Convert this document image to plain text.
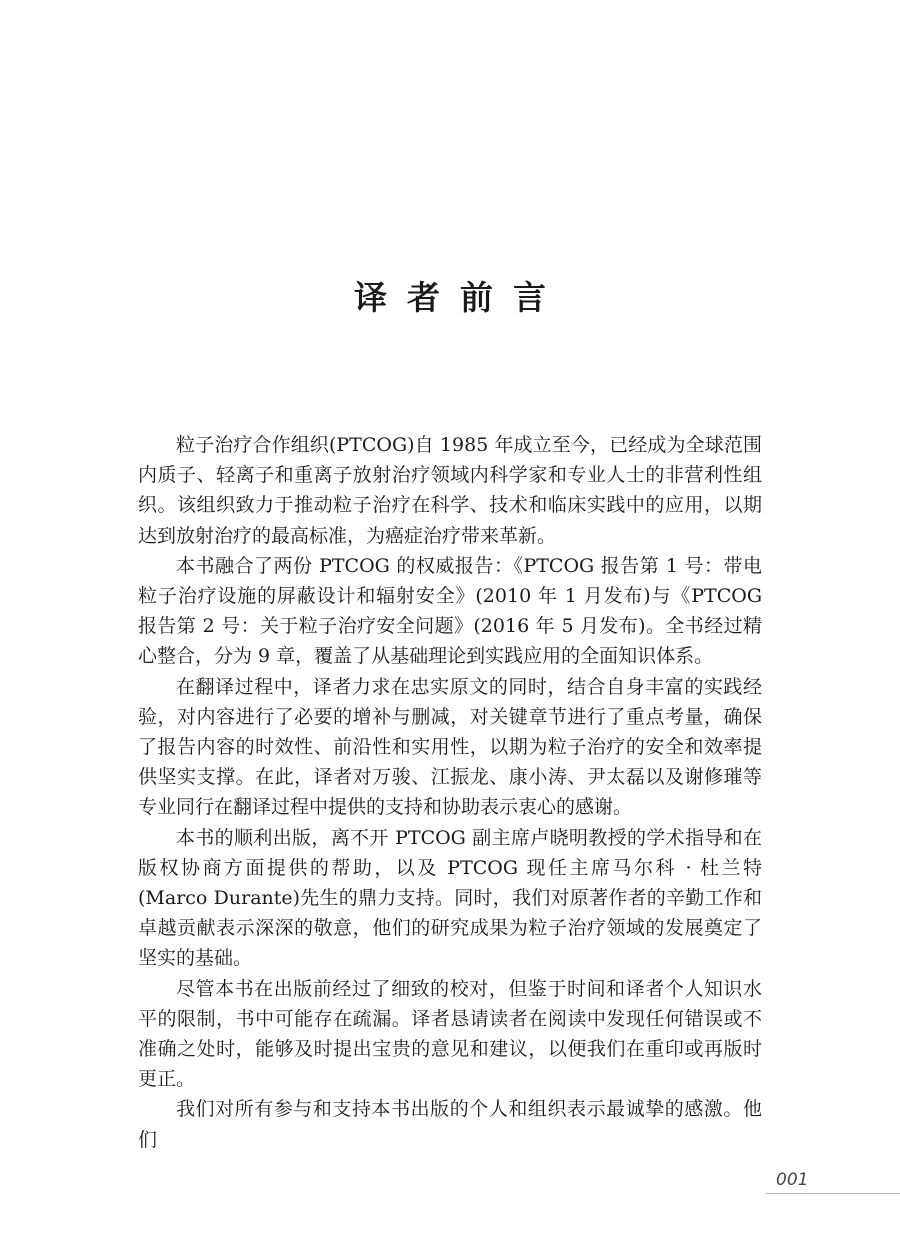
译者前言

粒子治疗合作组织(PTCOG)自 1985 年成立至今，已经成为全球范围内质子、轻离子和重离子放射治疗领域内科学家和专业人士的非营利性组织。该组织致力于推动粒子治疗在科学、技术和临床实践中的应用，以期达到放射治疗的最高标准，为癌症治疗带来革新。

本书融合了两份 PTCOG 的权威报告：《PTCOG 报告第 1 号：带电粒子治疗设施的屏蔽设计和辐射安全》(2010 年 1 月发布)与《PTCOG 报告第 2 号：关于粒子治疗安全问题》(2016 年 5 月发布)。全书经过精心整合，分为 9 章，覆盖了从基础理论到实践应用的全面知识体系。

在翻译过程中，译者力求在忠实原文的同时，结合自身丰富的实践经验，对内容进行了必要的增补与删减，对关键章节进行了重点考量，确保了报告内容的时效性、前沿性和实用性，以期为粒子治疗的安全和效率提供坚实支撑。在此，译者对万骏、江振龙、康小涛、尹太磊以及谢修璀等专业同行在翻译过程中提供的支持和协助表示衷心的感谢。

本书的顺利出版，离不开 PTCOG 副主席卢晓明教授的学术指导和在版权协商方面提供的帮助，以及 PTCOG 现任主席马尔科 · 杜兰特(Marco Durante)先生的鼎力支持。同时，我们对原著作者的辛勤工作和卓越贡献表示深深的敬意，他们的研究成果为粒子治疗领域的发展奠定了坚实的基础。

尽管本书在出版前经过了细致的校对，但鉴于时间和译者个人知识水平的限制，书中可能存在疏漏。译者恳请读者在阅读中发现任何错误或不准确之处时，能够及时提出宝贵的意见和建议，以便我们在重印或再版时更正。

我们对所有参与和支持本书出版的个人和组织表示最诚挚的感激。他们

001
